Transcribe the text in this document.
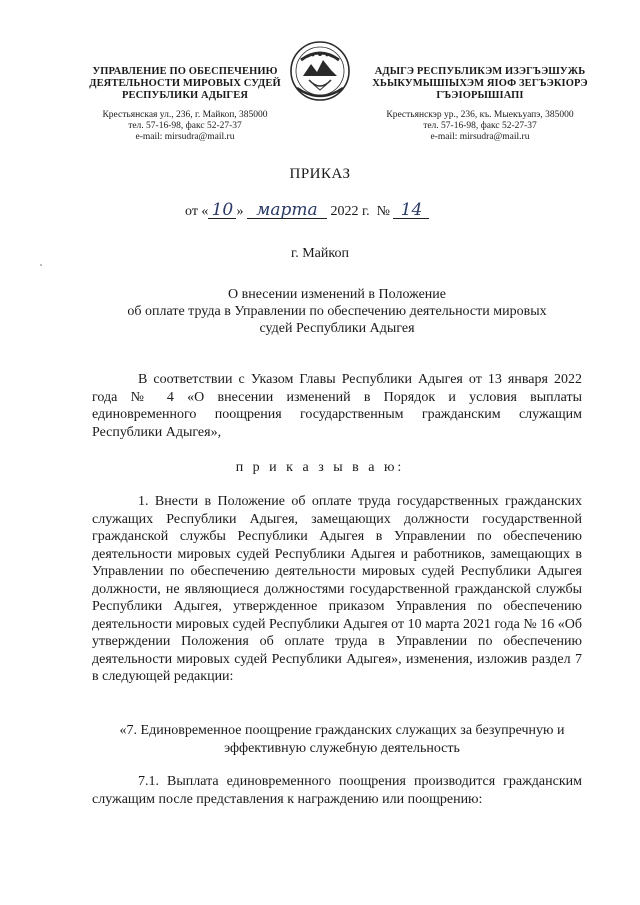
УПРАВЛЕНИЕ ПО ОБЕСПЕЧЕНИЮ
ДЕЯТЕЛЬНОСТИ МИРОВЫХ СУДЕЙ
РЕСПУБЛИКИ АДЫГЕЯ
Крестьянская ул., 236, г. Майкоп, 385000
тел. 57-16-98, факс 52-27-37
e-mail: mirsudra@mail.ru
АДЫГЭ РЕСПУБЛИКЭМ ИЗЭГЪЭШУЖЬ
ХЬЫКУМЫШІЫХЭМ ЯІОФ ЗЕГЪЭКІОРЭ
ГЪЭІОРЫШІАПІ
Крестьянскэр ур., 236, къ. Мыекъуапэ, 385000
тел. 57-16-98, факс 52-27-37
e-mail: mirsudra@mail.ru
ПРИКАЗ
от « 10 » марта 2022 г. № 14
г. Майкоп
О внесении изменений в Положение
об оплате труда в Управлении по обеспечению деятельности мировых
судей Республики Адыгея
В соответствии с Указом Главы Республики Адыгея от 13 января 2022 года № 4 «О внесении изменений в Порядок и условия выплаты единовременного поощрения государственным гражданским служащим Республики Адыгея»,
п р и к а з ы в а ю:
1. Внести в Положение об оплате труда государственных гражданских служащих Республики Адыгея, замещающих должности государственной гражданской службы Республики Адыгея в Управлении по обеспечению деятельности мировых судей Республики Адыгея и работников, замещающих в Управлении по обеспечению деятельности мировых судей Республики Адыгея должности, не являющиеся должностями государственной гражданской службы Республики Адыгея, утвержденное приказом Управления по обеспечению деятельности мировых судей Республики Адыгея от 10 марта 2021 года № 16 «Об утверждении Положения об оплате труда в Управлении по обеспечению деятельности мировых судей Республики Адыгея», изменения, изложив раздел 7 в следующей редакции:
«7. Единовременное поощрение гражданских служащих за безупречную и
эффективную служебную деятельность
7.1. Выплата единовременного поощрения производится гражданским служащим после представления к награждению или поощрению:
